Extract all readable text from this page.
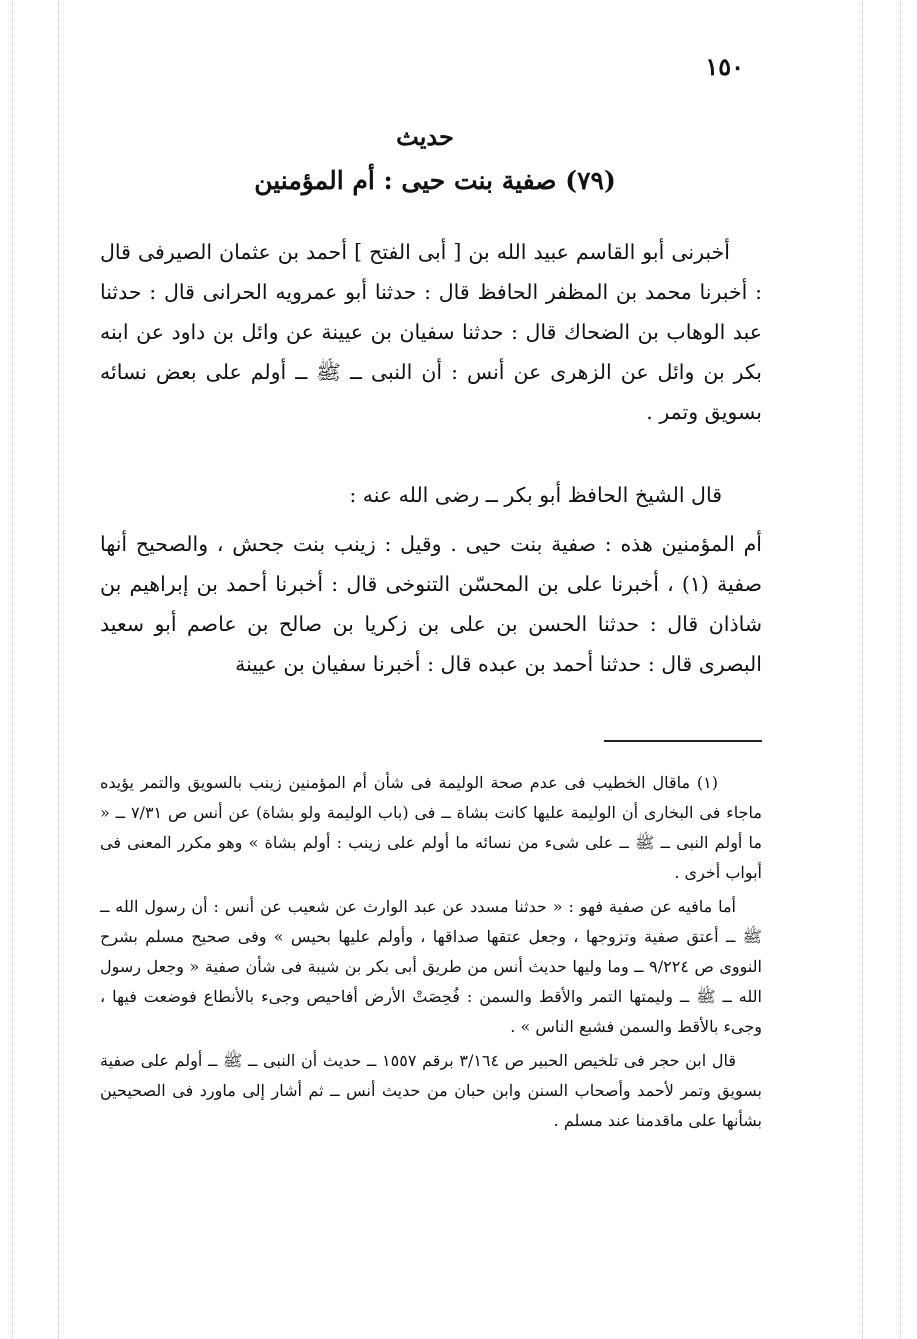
١٥٠
حديث
(٧٩) صفية بنت حيى : أم المؤمنين

أخبرنى أبو القاسم عبيد الله بن [ أبى الفتح ] أحمد بن عثمان الصيرفى قال : أخبرنا محمد بن المظفر الحافظ قال : حدثنا أبو عمرويه الحرانى قال : حدثنا عبد الوهاب بن الضحاك قال : حدثنا سفيان بن عيينة عن وائل بن داود عن ابنه بكر بن وائل عن الزهرى عن أنس : أن النبى ــ ﷺ ــ أولم على بعض نسائه بسويق وتمر .

قال الشيخ الحافظ أبو بكر ــ رضى الله عنه :

أم المؤمنين هذه : صفية بنت حيى . وقيل : زينب بنت جحش ، والصحيح أنها صفية (١) ، أخبرنا على بن المحسّن التنوخى قال : أخبرنا أحمد بن إبراهيم بن شاذان قال : حدثنا الحسن بن على بن زكريا بن صالح بن عاصم أبو سعيد البصرى قال : حدثنا أحمد بن عبده قال : أخبرنا سفيان بن عيينة

(١) ماقال الخطيب فى عدم صحة الوليمة فى شأن أم المؤمنين زينب بالسويق والتمر يؤيده ماجاء فى البخارى أن الوليمة عليها كانت بشاة ــ فى (باب الوليمة ولو بشاة) عن أنس ص ٧/٣١ ــ « ما أولم النبى ــ ﷺ ــ على شىء من نسائه ما أولم على زينب : أولم بشاة » وهو مكرر المعنى فى أبواب أخرى .

أما مافيه عن صفية فهو : « حدثنا مسدد عن عبد الوارث عن شعيب عن أنس : أن رسول الله ــ ﷺ ــ أعتق صفية وتزوجها ، وجعل عتقها صداقها ، وأولم عليها بحيس » وفى صحيح مسلم بشرح النووى ص ٩/٢٢٤ ــ وما وليها حديث أنس من طريق أبى بكر بن شيبة فى شأن صفية « وجعل رسول الله ــ ﷺ ــ وليمتها التمر والأقط والسمن : فُحِصَتْ الأرض أفاحيص وجىء بالأنطاع فوضعت فيها ، وجىء بالأقط والسمن فشبع الناس » .

قال ابن حجر فى تلخيص الحبير ص ٣/١٦٤ برقم ١٥٥٧ ــ حديث أن النبى ــ ﷺ ــ أولم على صفية بسويق وتمر لأحمد وأصحاب السنن وابن حبان من حديث أنس ــ ثم أشار إلى ماورد فى الصحيحين بشأنها على ماقدمنا عند مسلم .
